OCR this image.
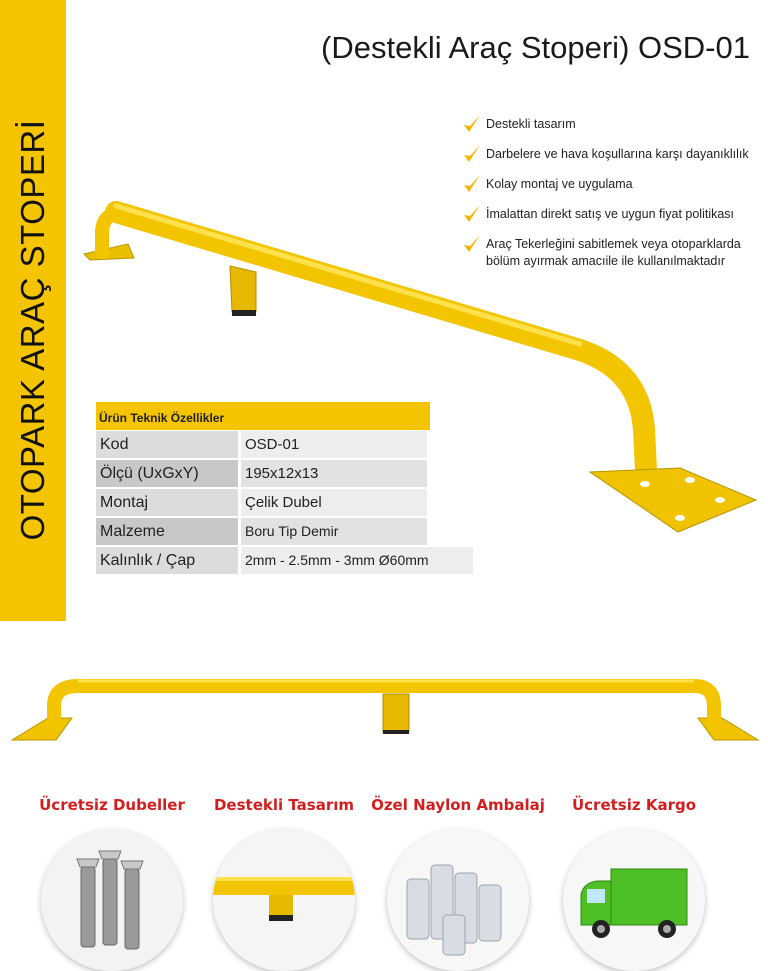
OTOPARK ARAÇ STOPERİ
(Destekli Araç Stoperi) OSD-01
Destekli tasarım
Darbelere ve hava koşullarına karşı dayanıklılık
Kolay montaj ve uygulama
İmalattan direkt satış ve uygun fiyat politikası
Araç Tekerleğini sabitlemek veya otoparklarda
bölüm ayırmak amacıile ile kullanılmaktadır
Ürün Teknik Özellikler
Kod	OSD-01
Ölçü (UxGxY)	195x12x13
Montaj	Çelik Dubel
Malzeme	Boru Tip Demir
Kalınlık / Çap	2mm - 2.5mm - 3mm Ø60mm
Ücretsiz Dubeller	Destekli Tasarım	Özel Naylon Ambalaj	Ücretsiz Kargo
